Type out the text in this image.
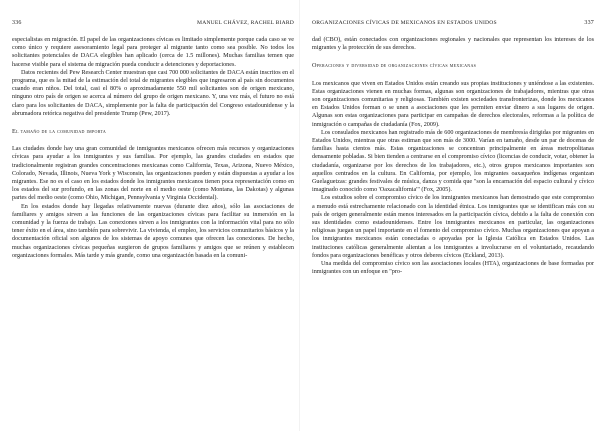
336	MANUEL CHÁVEZ, RACHEL BIARD

especialistas en migración. El papel de las organizaciones cívicas es limitado simplemente porque cada caso se ve como único y requiere asesoramiento legal para proteger al migrante tanto como sea posible. No todos los solicitantes potenciales de DACA elegibles han aplicado (cerca de 1.5 millones). Muchas familias temen que hacerse visible para el sistema de migración pueda conducir a detenciones y deportaciones.

Datos recientes del Pew Research Center muestran que casi 700 000 solicitantes de DACA están inscritos en el programa, que es la mitad de la estimación del total de migrantes elegibles que ingresaron al país sin documentos cuando eran niños. Del total, casi el 80% o aproximadamente 550 mil solicitantes son de origen mexicano, ninguno otro país de origen se acerca al número del grupo de origen mexicano. Y, una vez más, el futuro no está claro para los solicitantes de DACA, simplemente por la falta de participación del Congreso estadounidense y la abrumadora retórica negativa del presidente Trump (Pew, 2017).

El tamaño de la comunidad importa

Las ciudades donde hay una gran comunidad de inmigrantes mexicanos ofrecen más recursos y organizaciones cívicas para ayudar a los inmigrantes y sus familias. Por ejemplo, las grandes ciudades en estados que tradicionalmente registran grandes concentraciones mexicanas como California, Texas, Arizona, Nuevo México, Colorado, Nevada, Illinois, Nueva York y Wisconsin, las organizaciones pueden y están dispuestas a ayudar a los migrantes. Ese no es el caso en los estados donde los inmigrantes mexicanos tienen poca representación como en los estados del sur profundo, en las zonas del norte en el medio oeste (como Montana, las Dakotas) y algunas partes del medio oeste (como Ohio, Michigan, Pennsylvania y Virginia Occidental).

En los estados donde hay llegadas relativamente nuevas (durante diez años), sólo las asociaciones de familiares y amigos sirven a las funciones de las organizaciones cívicas para facilitar su inmersión en la comunidad y la fuerza de trabajo. Las conexiones sirven a los inmigrantes con la información vital para no sólo tener éxito en el área, sino también para sobrevivir. La vivienda, el empleo, los servicios comunitarios básicos y la documentación oficial son algunos de los sistemas de apoyo comunes que ofrecen las conexiones. De hecho, muchas organizaciones cívicas pequeñas surgieron de grupos familiares y amigos que se reúnen y establecen organizaciones formales. Más tarde y más grande, como una organización basada en la comuni-

ORGANIZACIONES CÍVICAS DE MEXICANOS EN ESTADOS UNIDOS	337

dad (CBO), están conectados con organizaciones regionales y nacionales que representan los intereses de los migrantes y la protección de sus derechos.

Operaciones y diversidad de organizaciones cívicas mexicanas

Los mexicanos que viven en Estados Unidos están creando sus propias instituciones y uniéndose a las existentes. Estas organizaciones vienen en muchas formas, algunas son organizaciones de trabajadores, mientras que otras son organizaciones comunitarias y religiosas. También existen sociedades transfronterizas, donde los mexicanos en Estados Unidos forman o se unen a asociaciones que les permiten enviar dinero a sus lugares de origen. Algunas son estas organizaciones para participar en campañas de derechos electorales, reformas a la política de inmigración o campañas de ciudadanía (Fox, 2009).

Los consulados mexicanos han registrado más de 600 organizaciones de membresía dirigidas por migrantes en Estados Unidos, mientras que otras estiman que son más de 3000. Varían en tamaño, desde un par de docenas de familias hasta cientos más. Estas organizaciones se concentran principalmente en áreas metropolitanas densamente pobladas. Si bien tienden a centrarse en el compromiso cívico (licencias de conducir, votar, obtener la ciudadanía, organizarse por los derechos de los trabajadores, etc.), otros grupos mexicanos importantes son aquellos centrados en la cultura. En California, por ejemplo, los migrantes oaxaqueños indígenas organizan Guelaguetzas: grandes festivales de música, danza y comida que "son la encarnación del espacio cultural y cívico imaginado conocido como 'Oaxacalifornia'" (Fox, 2005).

Los estudios sobre el compromiso cívico de los inmigrantes mexicanos han demostrado que este compromiso a menudo está estrechamente relacionado con la identidad étnica. Los inmigrantes que se identifican más con su país de origen generalmente están menos interesados en la participación cívica, debido a la falta de conexión con sus identidades como estadounidenses. Entre los inmigrantes mexicanos en particular, las organizaciones religiosas juegan un papel importante en el fomento del compromiso cívico. Muchas organizaciones que apoyan a los inmigrantes mexicanos están conectadas o apoyadas por la Iglesia Católica en Estados Unidos. Las instituciones católicas generalmente alientan a los inmigrantes a involucrarse en el voluntariado, recaudando fondos para organizaciones benéficas y otros deberes cívicos (Eckland, 2013).

Una medida del compromiso cívico son las asociaciones locales (HTA), organizaciones de base formadas por inmigrantes con un enfoque en "pro-
